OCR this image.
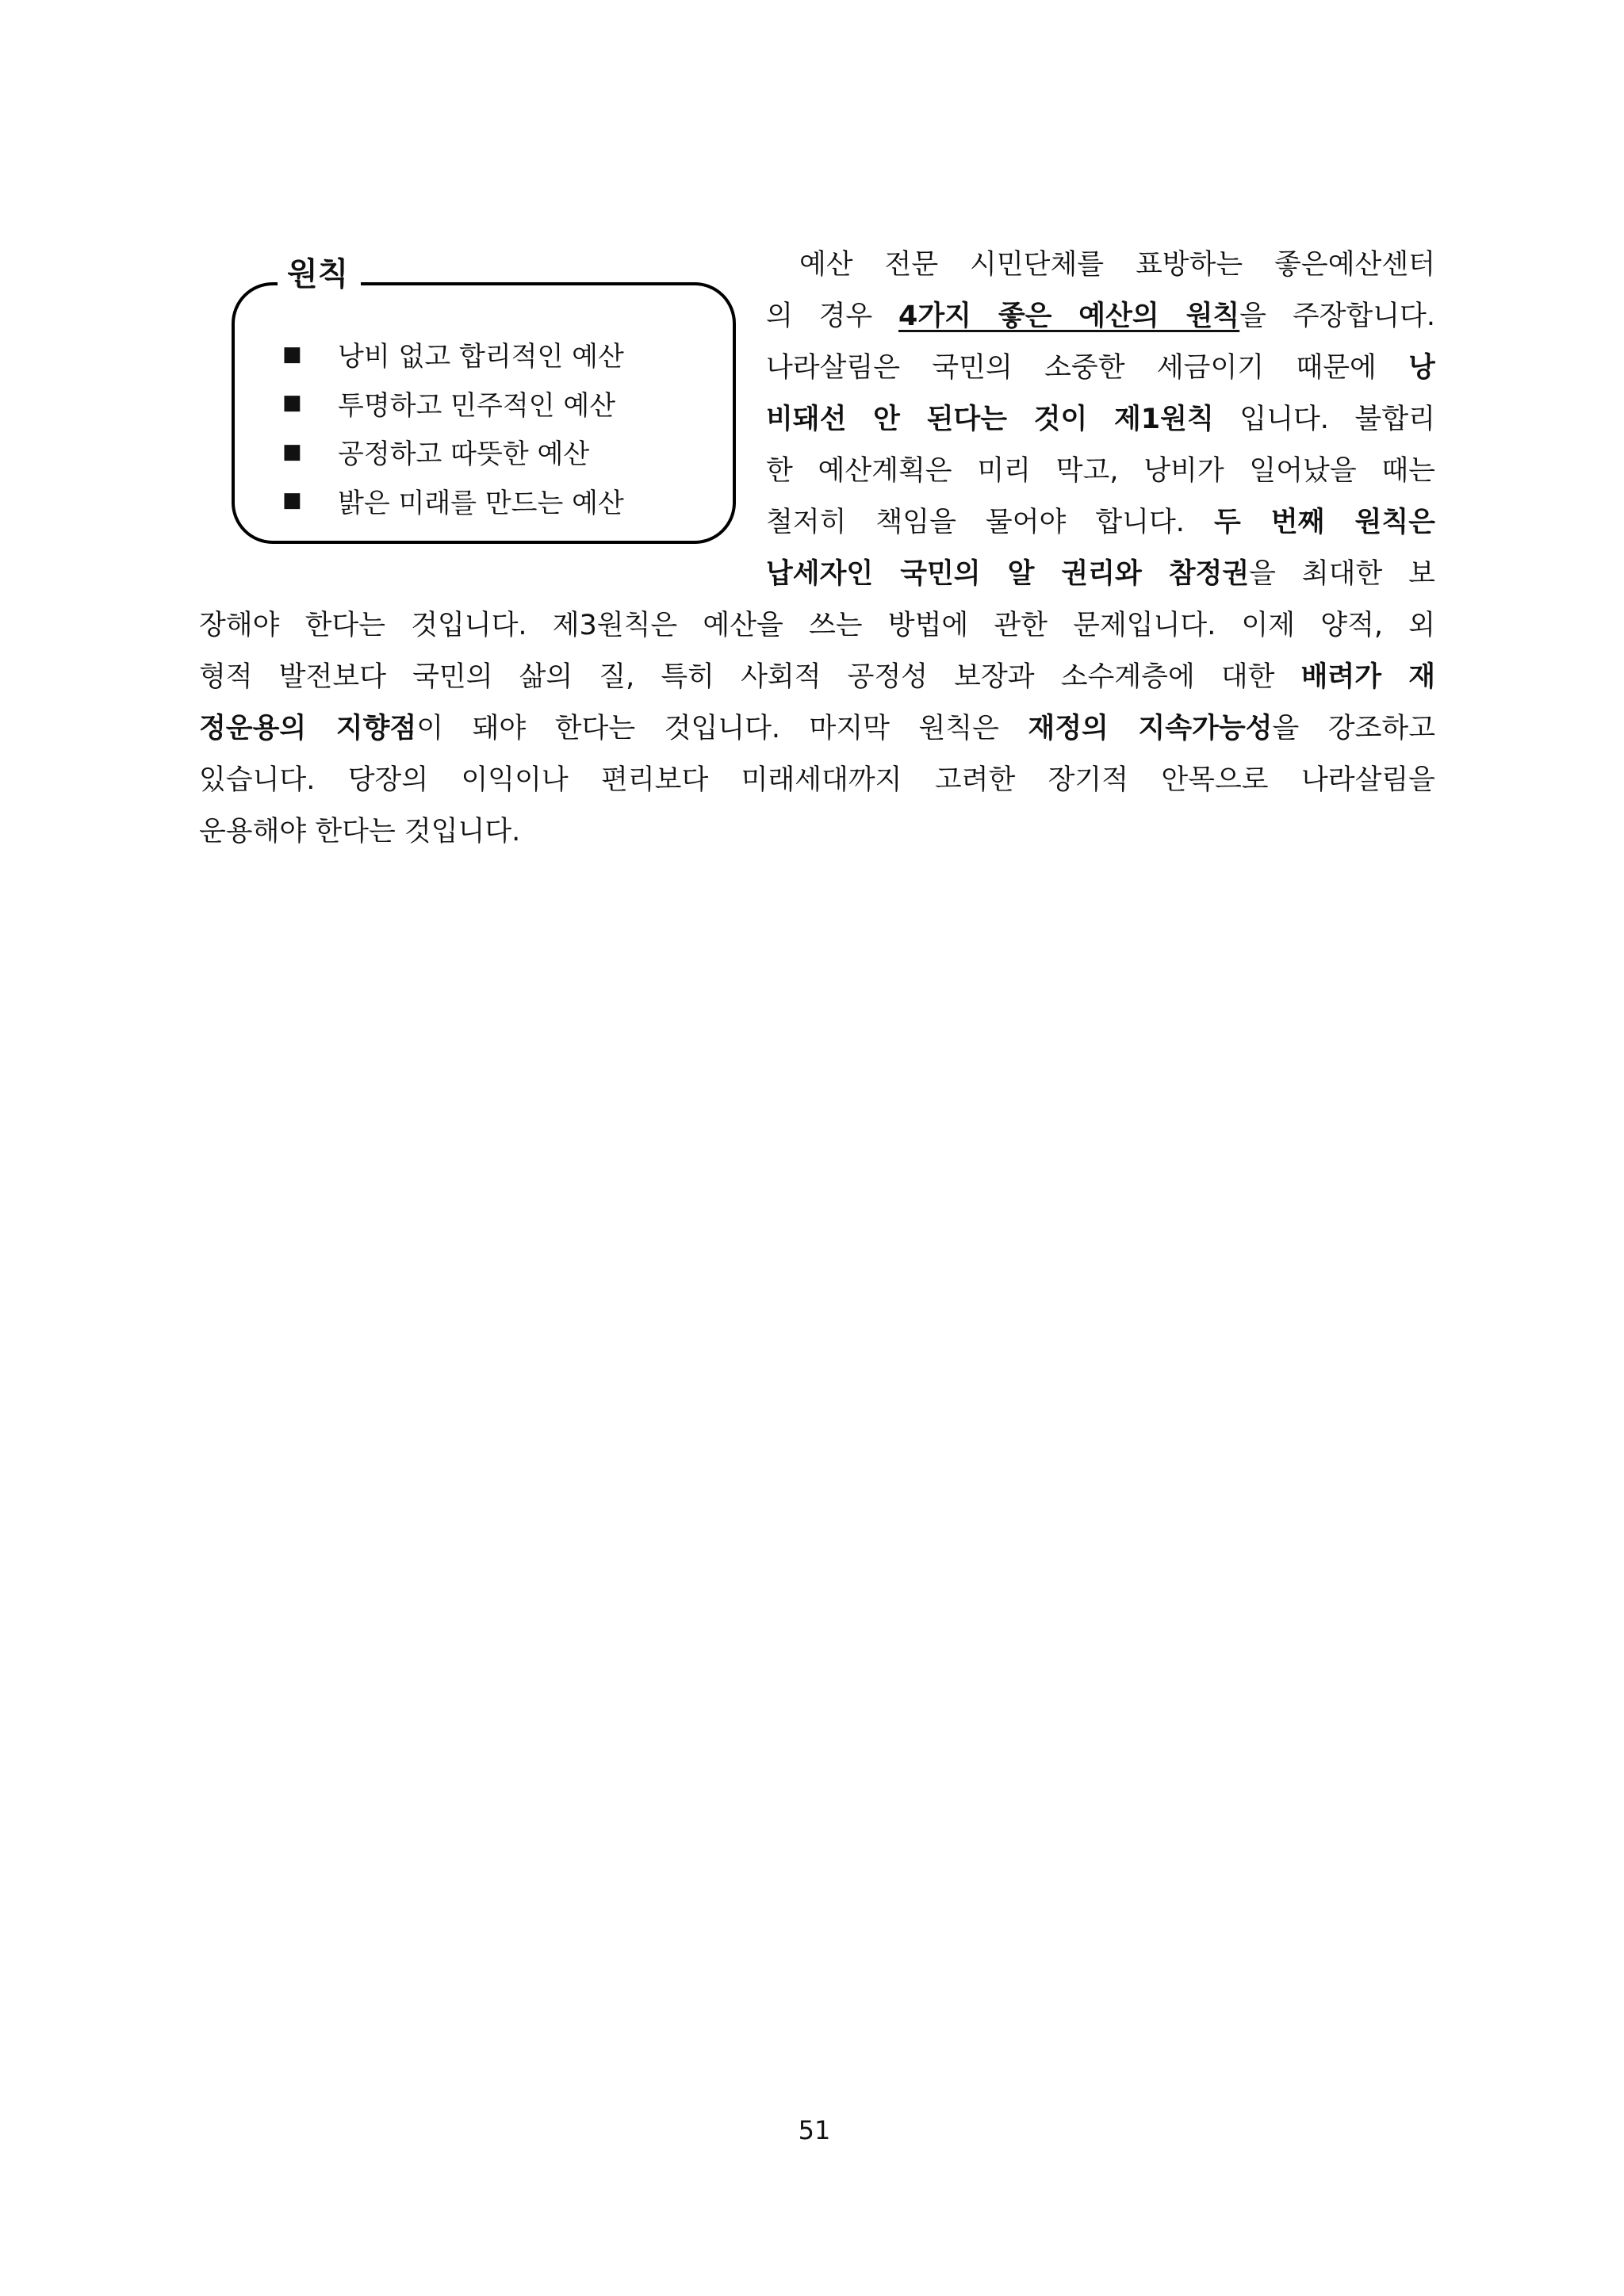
원칙
■	낭비 없고 합리적인 예산
■	투명하고 민주적인 예산
■	공정하고 따뜻한 예산
■	밝은 미래를 만드는 예산
예산 전문 시민단체를 표방하는 좋은예산센터
의 경우 4가지 좋은 예산의 원칙을 주장합니다.
나라살림은 국민의 소중한 세금이기 때문에 낭
비돼선 안 된다는 것이 제1원칙 입니다. 불합리
한 예산계획은 미리 막고, 낭비가 일어났을 때는
철저히 책임을 물어야 합니다. 두 번째 원칙은
납세자인 국민의 알 권리와 참정권을 최대한 보
장해야 한다는 것입니다. 제3원칙은 예산을 쓰는 방법에 관한 문제입니다. 이제 양적, 외
형적 발전보다 국민의 삶의 질, 특히 사회적 공정성 보장과 소수계층에 대한 배려가 재
정운용의 지향점이 돼야 한다는 것입니다. 마지막 원칙은 재정의 지속가능성을 강조하고
있습니다. 당장의 이익이나 편리보다 미래세대까지 고려한 장기적 안목으로 나라살림을
운용해야 한다는 것입니다.
51
